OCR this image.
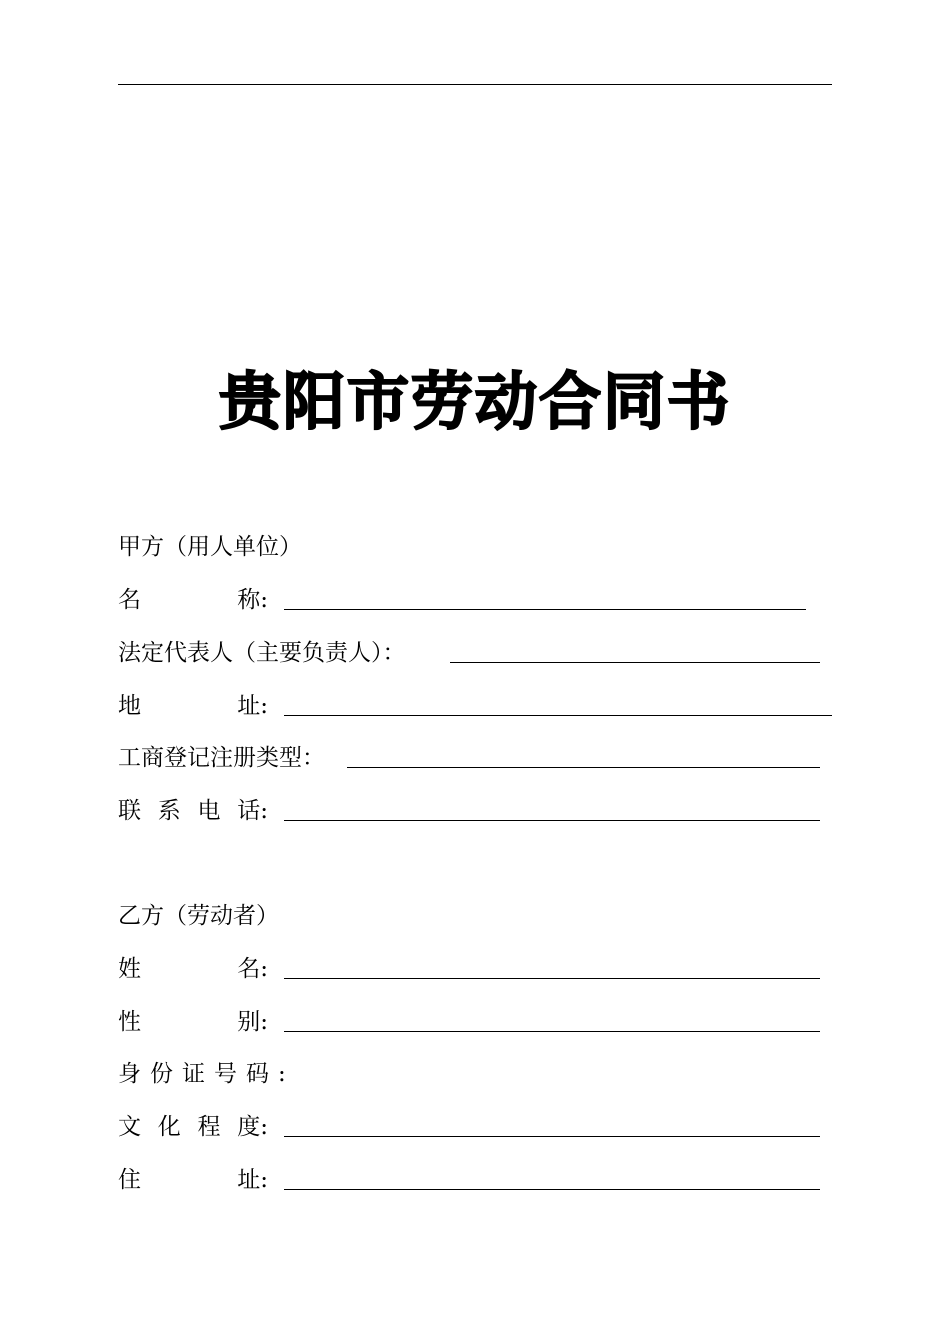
贵阳市劳动合同书
甲方（用人单位）
名	称:
法定代表人（主要负责人）：
地	址:
工商登记注册类型：
联 系 电 话:
乙方（劳动者）
姓	名:
性	别:
身份证号码:
文 化 程 度:
住	址:
